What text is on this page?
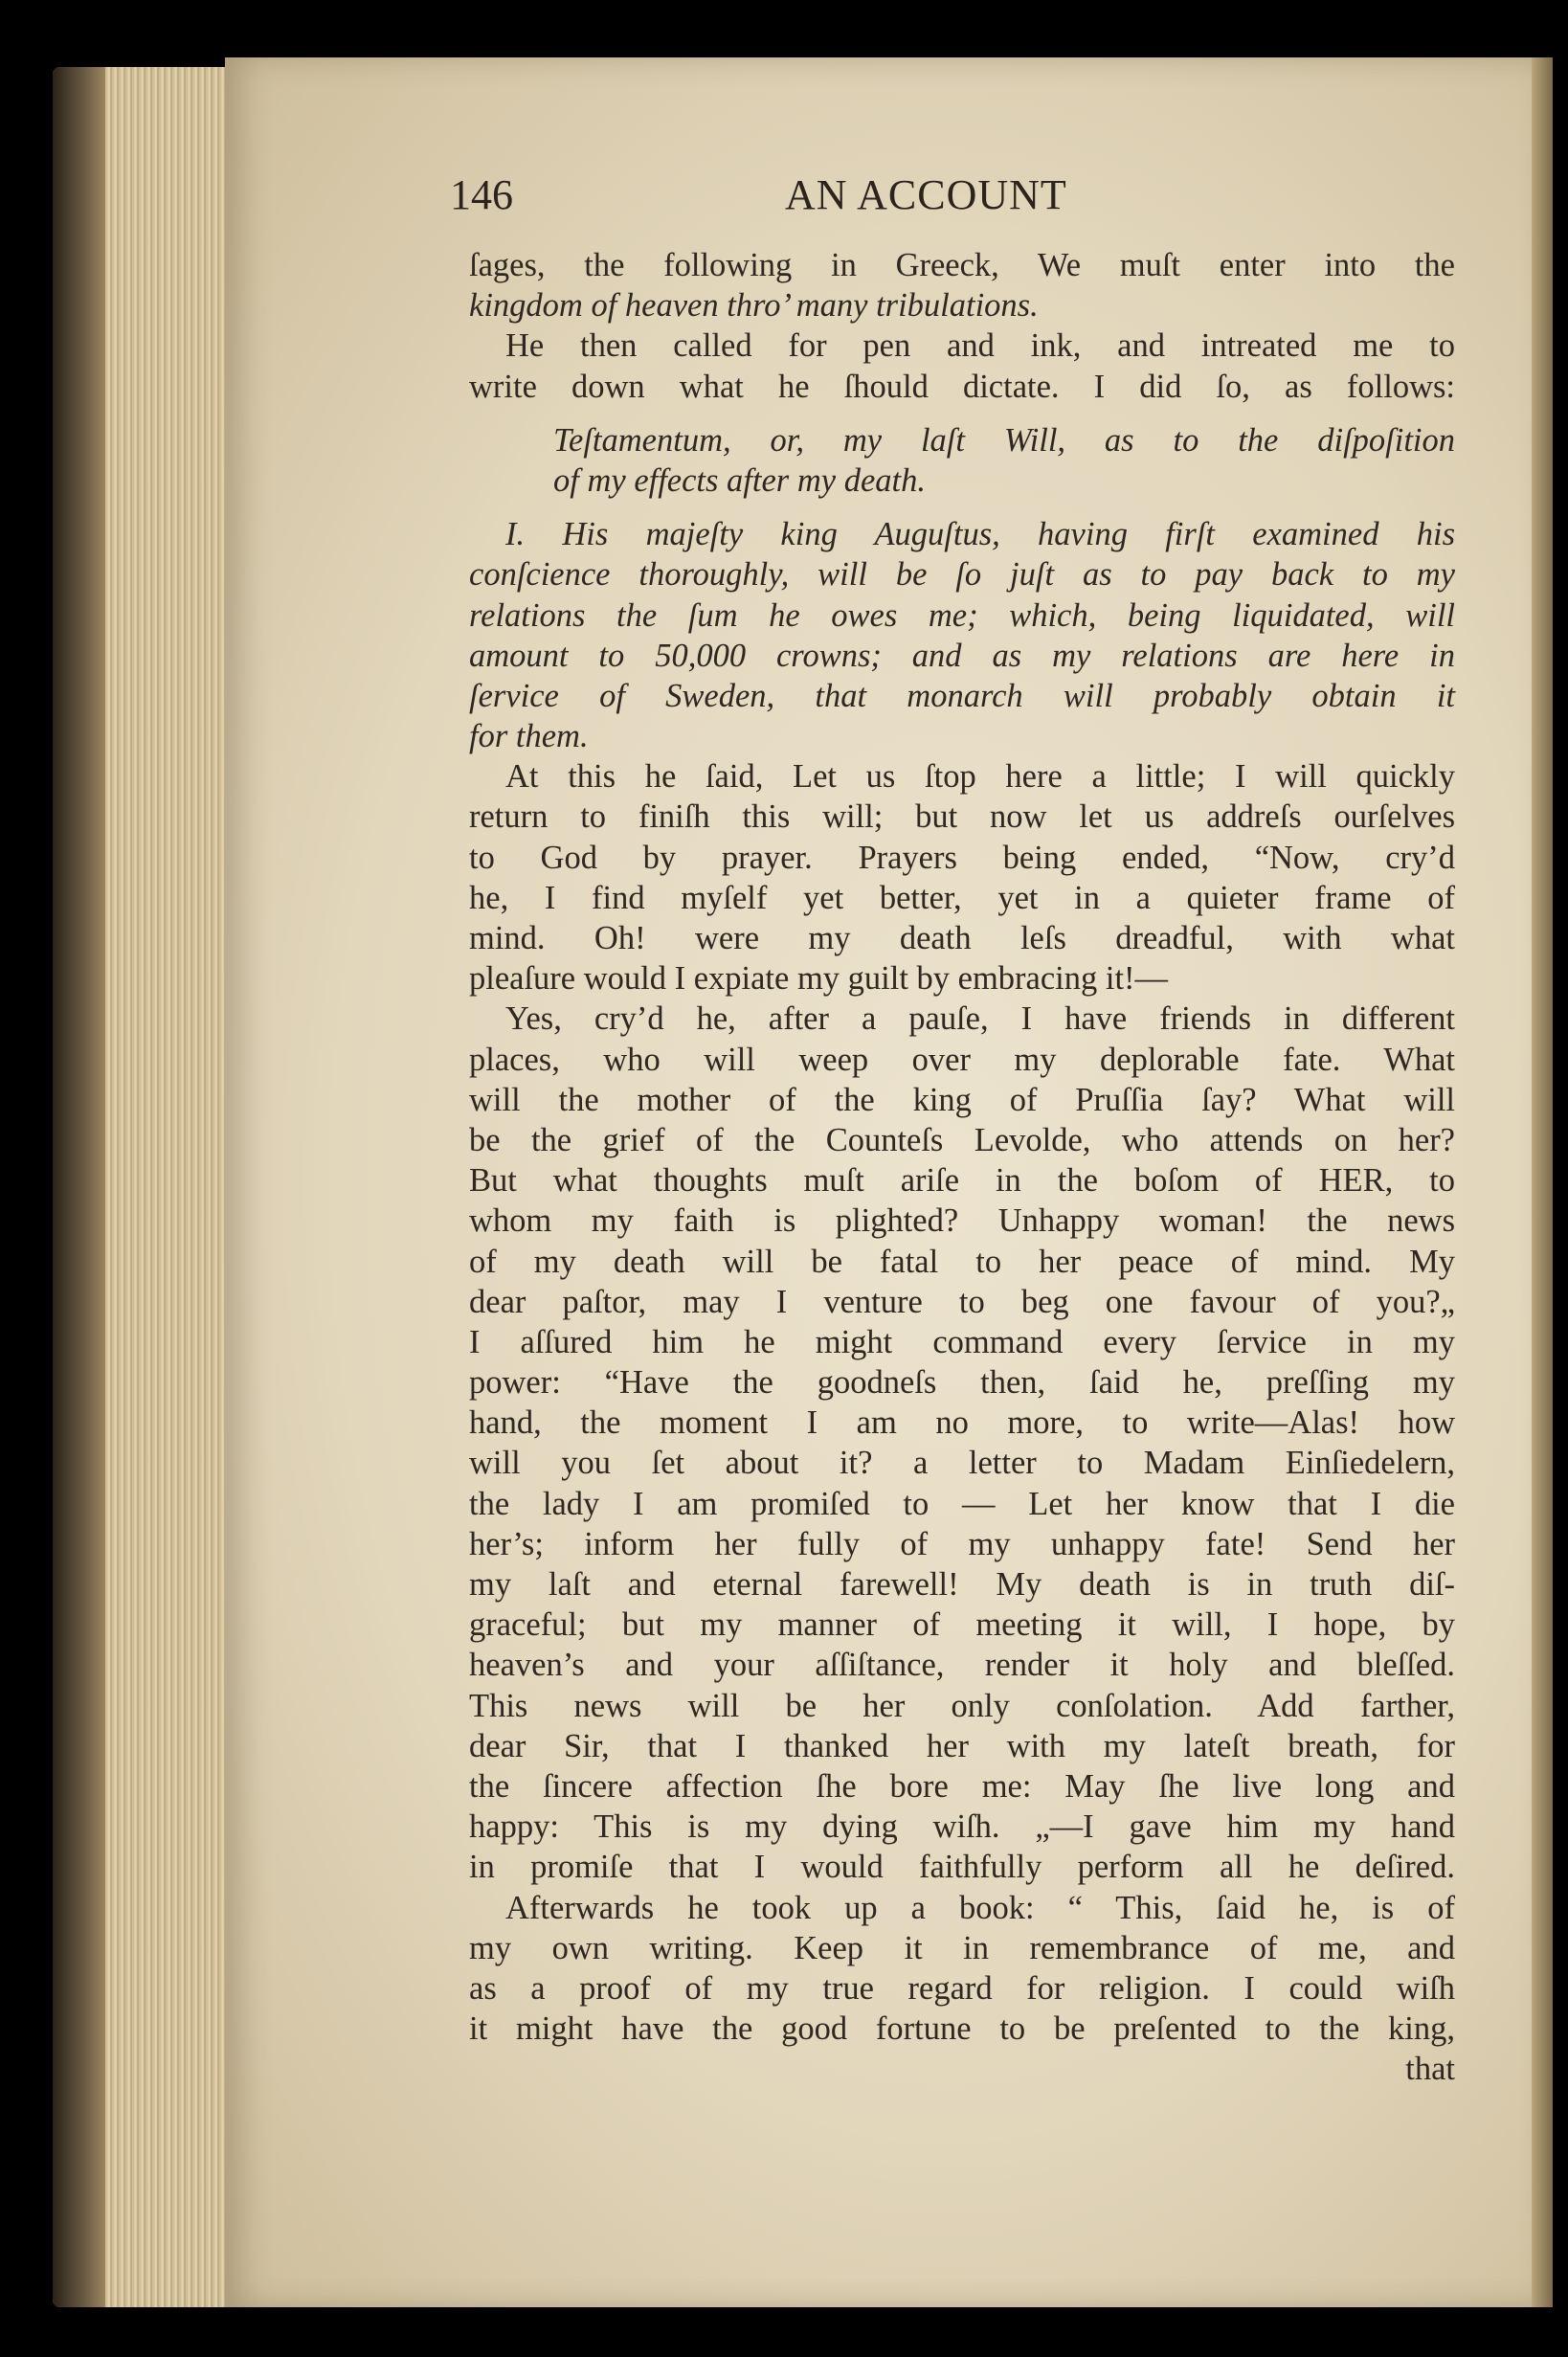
146	AN ACCOUNT
ſages, the following in Greeck, We muſt enter into the
kingdom of heaven thro’ many tribulations.
He then called for pen and ink, and intreated me to
write down what he ſhould dictate. I did ſo, as follows:
Teſtamentum, or, my laſt Will, as to the diſpoſition
of my effects after my death.
I. His majeſty king Auguſtus, having firſt examined his
conſcience thoroughly, will be ſo juſt as to pay back to my
relations the ſum he owes me; which, being liquidated, will
amount to 50,000 crowns; and as my relations are here in
ſervice of Sweden, that monarch will probably obtain it
for them.
At this he ſaid, Let us ſtop here a little; I will quickly
return to finiſh this will; but now let us addreſs ourſelves
to God by prayer. Prayers being ended, “Now, cry’d
he, I find myſelf yet better, yet in a quieter frame of
mind. Oh! were my death leſs dreadful, with what
pleaſure would I expiate my guilt by embracing it!—
Yes, cry’d he, after a pauſe, I have friends in different
places, who will weep over my deplorable fate. What
will the mother of the king of Pruſſia ſay? What will
be the grief of the Counteſs Levolde, who attends on her?
But what thoughts muſt ariſe in the boſom of HER, to
whom my faith is plighted? Unhappy woman! the news
of my death will be fatal to her peace of mind. My
dear paſtor, may I venture to beg one favour of you?„
I aſſured him he might command every ſervice in my
power: “Have the goodneſs then, ſaid he, preſſing my
hand, the moment I am no more, to write—Alas! how
will you ſet about it? a letter to Madam Einſiedelern,
the lady I am promiſed to — Let her know that I die
her’s; inform her fully of my unhappy fate! Send her
my laſt and eternal farewell! My death is in truth diſ-
graceful; but my manner of meeting it will, I hope, by
heaven’s and your aſſiſtance, render it holy and bleſſed.
This news will be her only conſolation. Add farther,
dear Sir, that I thanked her with my lateſt breath, for
the ſincere affection ſhe bore me: May ſhe live long and
happy: This is my dying wiſh. „—I gave him my hand
in promiſe that I would faithfully perform all he deſired.
Afterwards he took up a book: “ This, ſaid he, is of
my own writing. Keep it in remembrance of me, and
as a proof of my true regard for religion. I could wiſh
it might have the good fortune to be preſented to the king,
that
